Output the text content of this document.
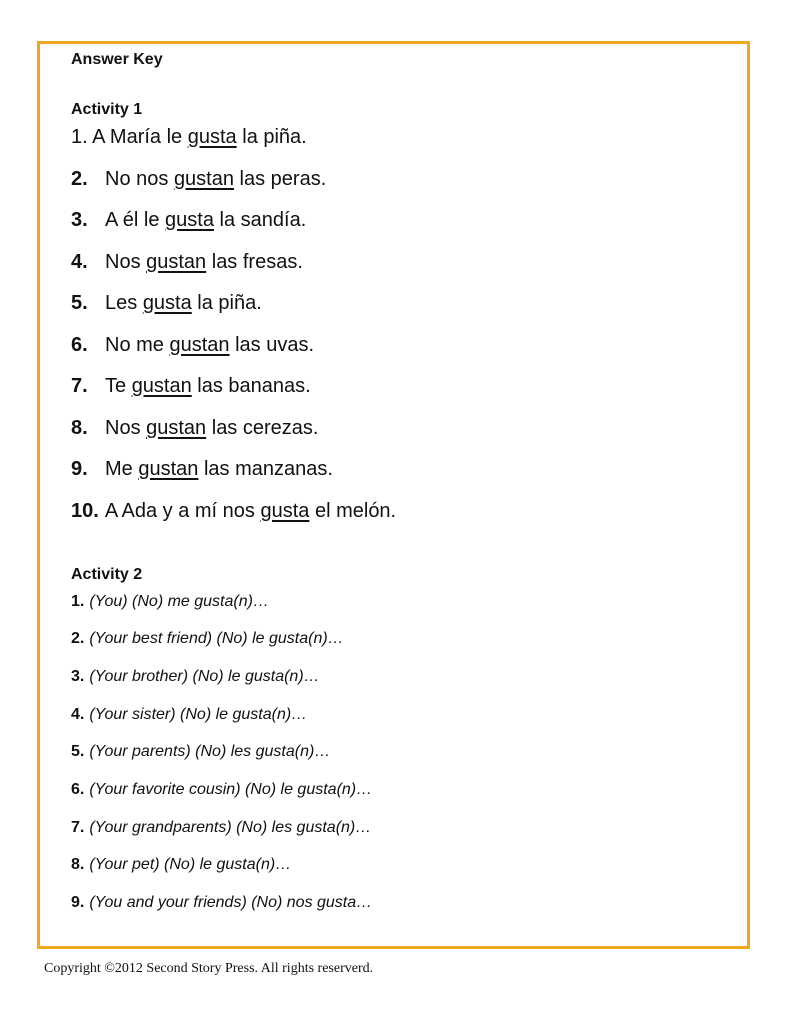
Answer Key
Activity 1
1. A María le gusta la piña.
2. No nos gustan las peras.
3. A él le gusta la sandía.
4. Nos gustan las fresas.
5. Les gusta la piña.
6. No me gustan las uvas.
7. Te gustan las bananas.
8. Nos gustan las cerezas.
9. Me gustan las manzanas.
10. A Ada y a mí nos gusta el melón.
Activity 2
1. (You) (No) me gusta(n)…
2. (Your best friend) (No) le gusta(n)…
3. (Your brother) (No) le gusta(n)…
4. (Your sister) (No) le gusta(n)…
5. (Your parents) (No) les gusta(n)…
6. (Your favorite cousin) (No) le gusta(n)…
7. (Your grandparents) (No) les gusta(n)…
8. (Your pet) (No) le gusta(n)…
9. (You and your friends) (No) nos gusta…
Copyright ©2012 Second Story Press. All rights reserverd.
